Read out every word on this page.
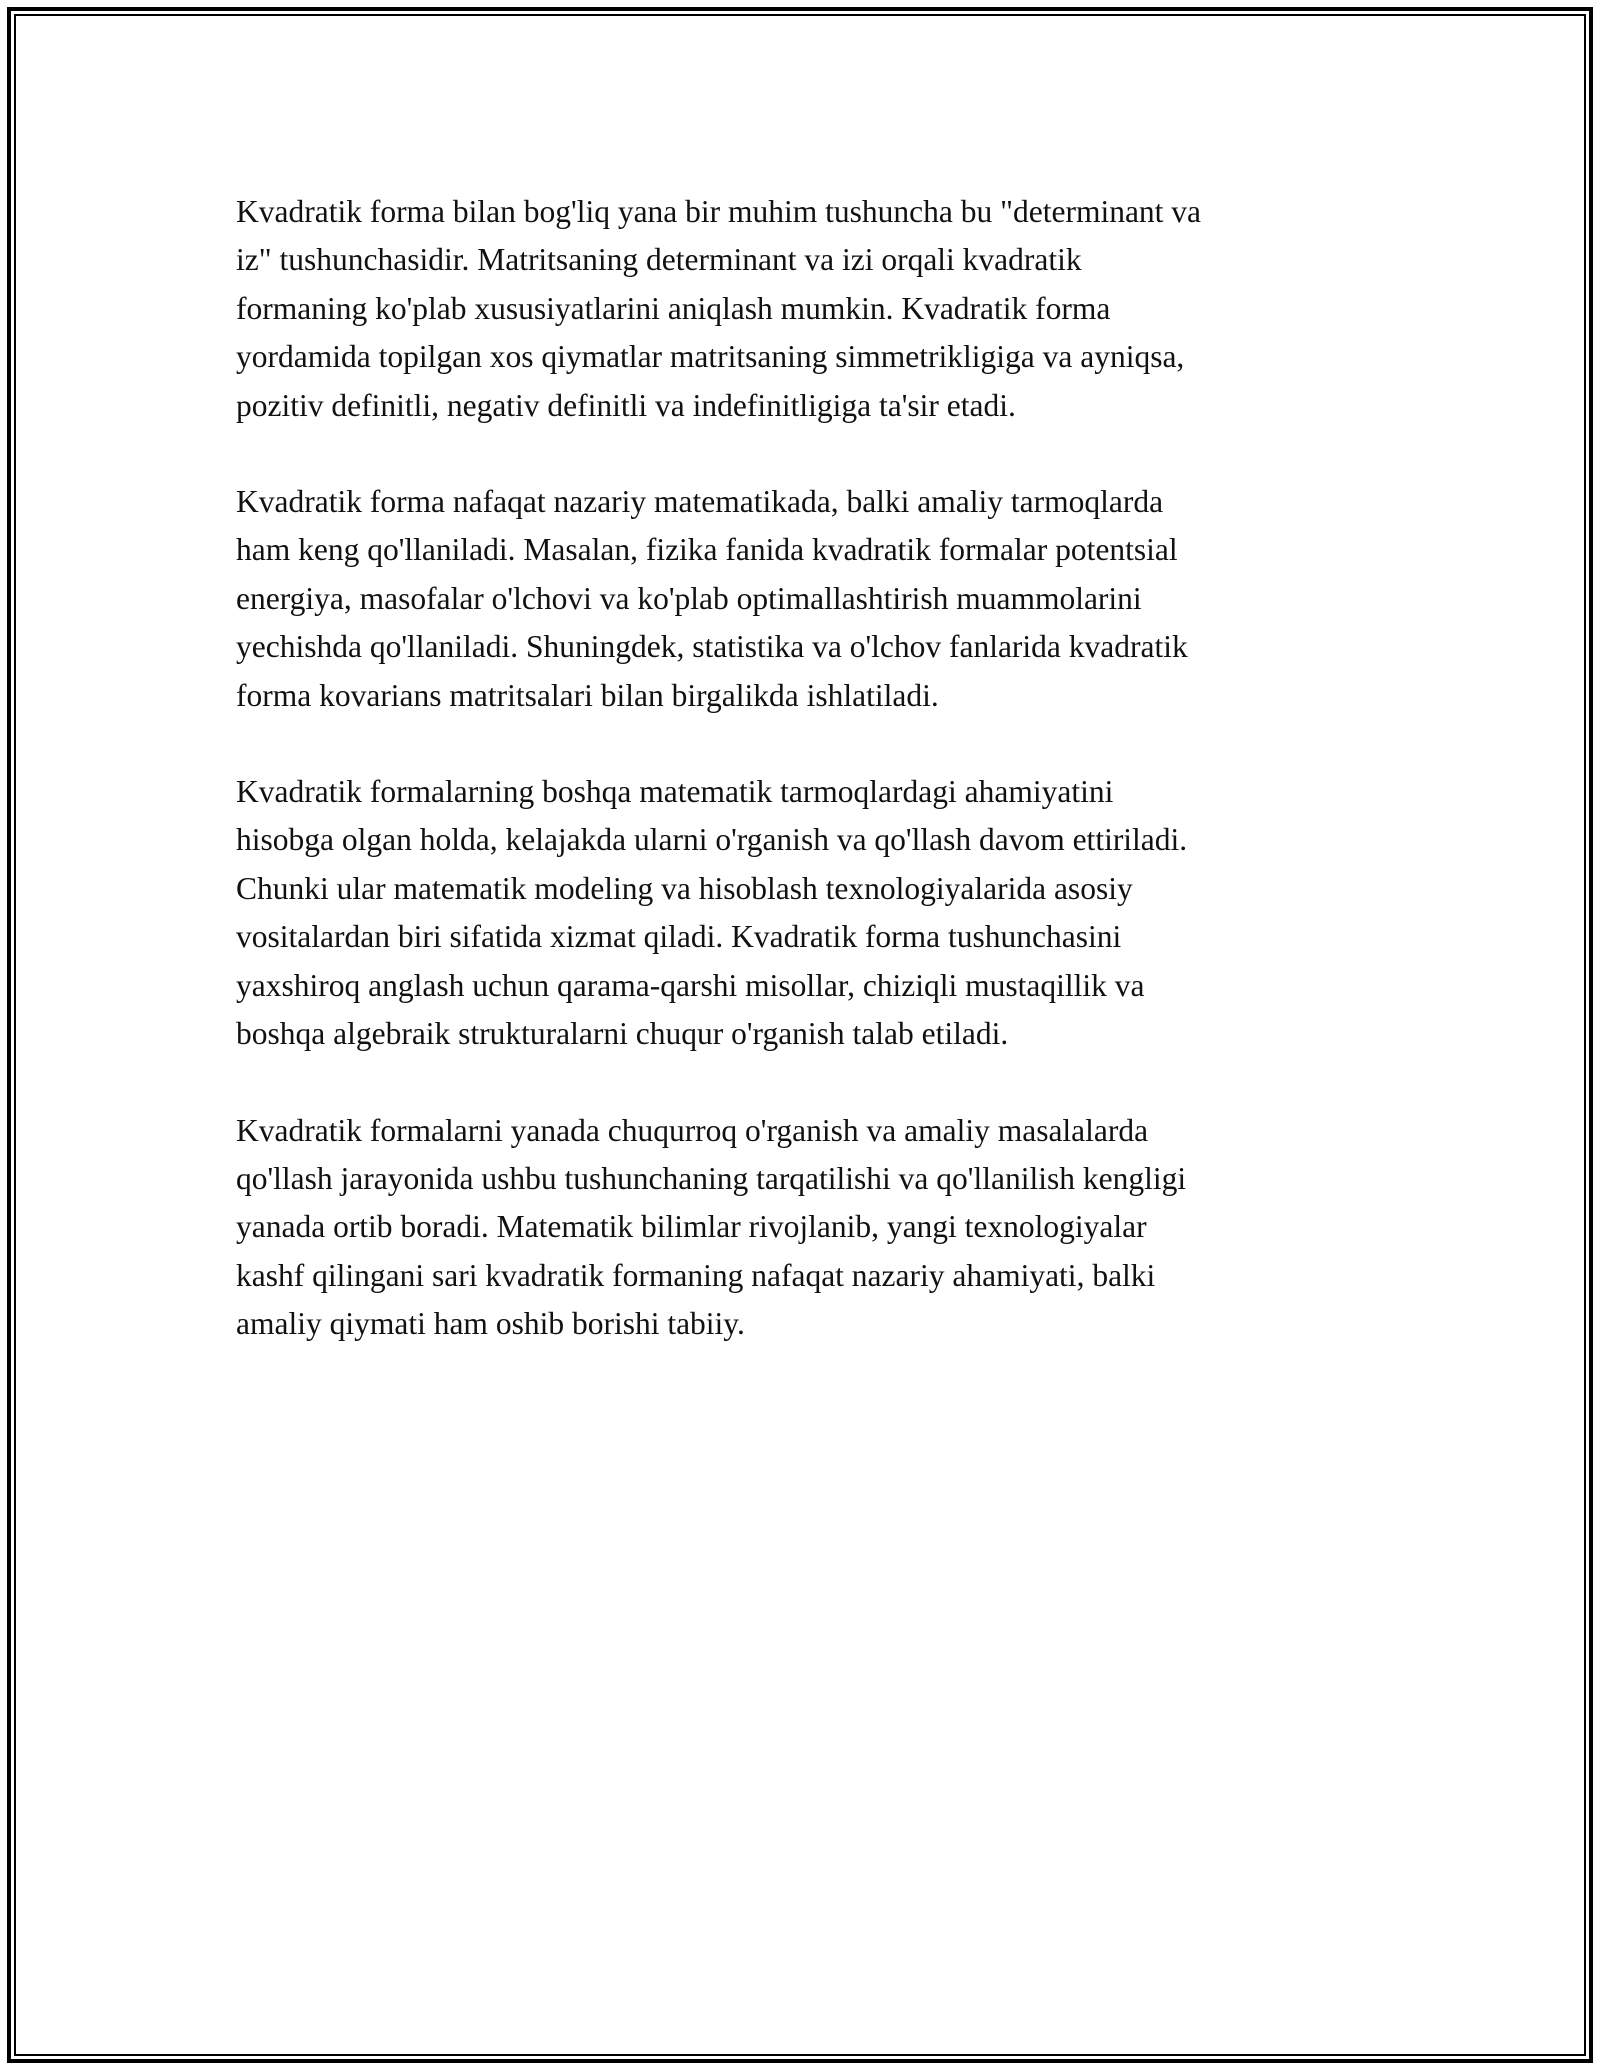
Kvadratik forma bilan bog'liq yana bir muhim tushuncha bu "determinant va
iz" tushunchasidir. Matritsaning determinant va izi orqali kvadratik
formaning ko'plab xususiyatlarini aniqlash mumkin. Kvadratik forma
yordamida topilgan xos qiymatlar matritsaning simmetrikligiga va ayniqsa,
pozitiv definitli, negativ definitli va indefinitligiga ta'sir etadi.

Kvadratik forma nafaqat nazariy matematikada, balki amaliy tarmoqlarda
ham keng qo'llaniladi. Masalan, fizika fanida kvadratik formalar potentsial
energiya, masofalar o'lchovi va ko'plab optimallashtirish muammolarini
yechishda qo'llaniladi. Shuningdek, statistika va o'lchov fanlarida kvadratik
forma kovarians matritsalari bilan birgalikda ishlatiladi.

Kvadratik formalarning boshqa matematik tarmoqlardagi ahamiyatini
hisobga olgan holda, kelajakda ularni o'rganish va qo'llash davom ettiriladi.
Chunki ular matematik modeling va hisoblash texnologiyalarida asosiy
vositalardan biri sifatida xizmat qiladi. Kvadratik forma tushunchasini
yaxshiroq anglash uchun qarama-qarshi misollar, chiziqli mustaqillik va
boshqa algebraik strukturalarni chuqur o'rganish talab etiladi.

Kvadratik formalarni yanada chuqurroq o'rganish va amaliy masalalarda
qo'llash jarayonida ushbu tushunchaning tarqatilishi va qo'llanilish kengligi
yanada ortib boradi. Matematik bilimlar rivojlanib, yangi texnologiyalar
kashf qilingani sari kvadratik formaning nafaqat nazariy ahamiyati, balki
amaliy qiymati ham oshib borishi tabiiy.
